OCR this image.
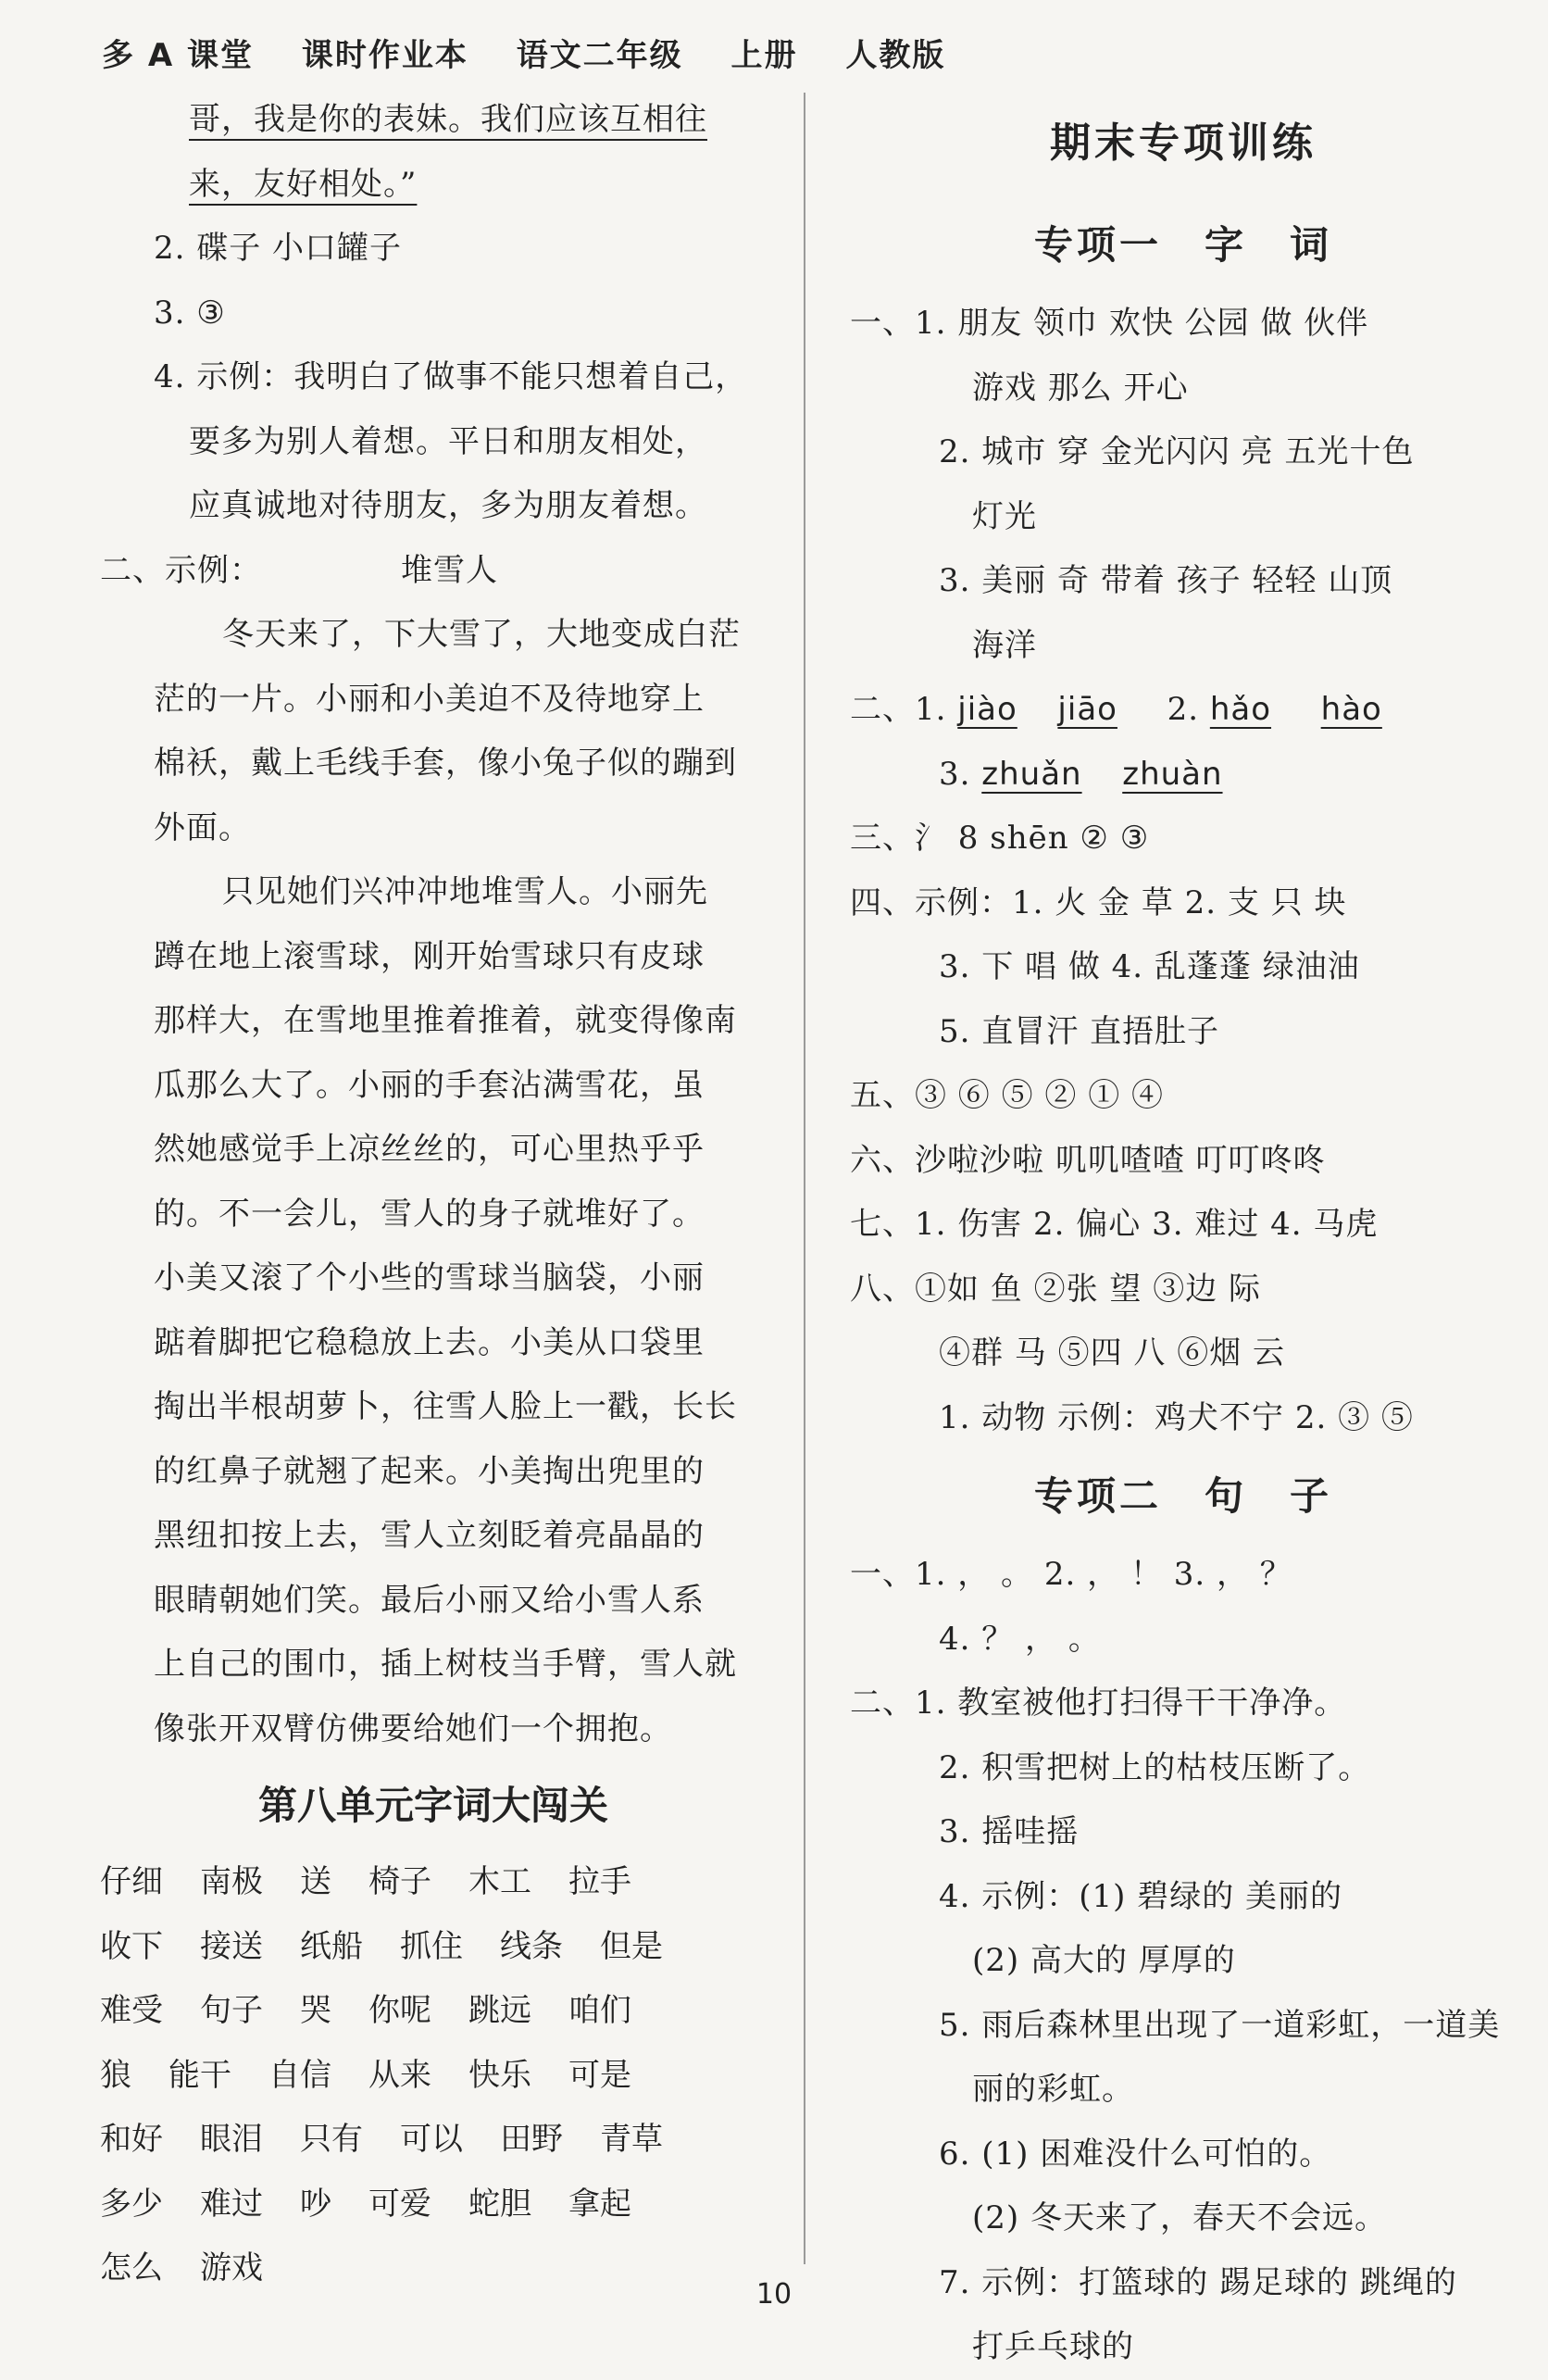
多 A 课堂 课时作业本 语文二年级 上册 人教版
哥，我是你的表妹。我们应该互相往
来，友好相处。”
2. 碟子 小口罐子
3. ③
4. 示例：我明白了做事不能只想着自己，
要多为别人着想。平日和朋友相处，
应真诚地对待朋友，多为朋友着想。
二、示例：	堆雪人
冬天来了，下大雪了，大地变成白茫
茫的一片。小丽和小美迫不及待地穿上
棉袄，戴上毛线手套，像小兔子似的蹦到
外面。
只见她们兴冲冲地堆雪人。小丽先
蹲在地上滚雪球，刚开始雪球只有皮球
那样大，在雪地里推着推着，就变得像南
瓜那么大了。小丽的手套沾满雪花，虽
然她感觉手上凉丝丝的，可心里热乎乎
的。不一会儿，雪人的身子就堆好了。
小美又滚了个小些的雪球当脑袋，小丽
踮着脚把它稳稳放上去。小美从口袋里
掏出半根胡萝卜，往雪人脸上一戳，长长
的红鼻子就翘了起来。小美掏出兜里的
黑纽扣按上去，雪人立刻眨着亮晶晶的
眼睛朝她们笑。最后小丽又给小雪人系
上自己的围巾，插上树枝当手臂，雪人就
像张开双臂仿佛要给她们一个拥抱。
第八单元字词大闯关
仔细 南极 送 椅子 木工 拉手
收下 接送 纸船 抓住 线条 但是
难受 句子 哭 你呢 跳远 咱们
狼 能干 自信 从来 快乐 可是
和好 眼泪 只有 可以 田野 青草
多少 难过 吵 可爱 蛇胆 拿起
怎么 游戏
期末专项训练
专项一　字　词
一、1. 朋友 领巾 欢快 公园 做 伙伴
游戏 那么 开心
2. 城市 穿 金光闪闪 亮 五光十色
灯光
3. 美丽 奇 带着 孩子 轻轻 山顶
海洋
二、1. jiào jiāo 2. hǎo hào
3. zhuǎn zhuàn
三、氵 8 shēn ② ③
四、示例：1. 火 金 草 2. 支 只 块
3. 下 唱 做 4. 乱蓬蓬 绿油油
5. 直冒汗 直捂肚子
五、③ ⑥ ⑤ ② ① ④
六、沙啦沙啦 叽叽喳喳 叮叮咚咚
七、1. 伤害 2. 偏心 3. 难过 4. 马虎
八、①如 鱼 ②张 望 ③边 际
④群 马 ⑤四 八 ⑥烟 云
1. 动物 示例：鸡犬不宁 2. ③ ⑤
专项二　句　子
一、1. ， 。 2. ， ！ 3. ， ？
4. ？ ， 。
二、1. 教室被他打扫得干干净净。
2. 积雪把树上的枯枝压断了。
3. 摇哇摇
4. 示例：(1) 碧绿的 美丽的
(2) 高大的 厚厚的
5. 雨后森林里出现了一道彩虹，一道美
丽的彩虹。
6. (1) 困难没什么可怕的。
(2) 冬天来了，春天不会远。
7. 示例：打篮球的 踢足球的 跳绳的
打乒乓球的
10
